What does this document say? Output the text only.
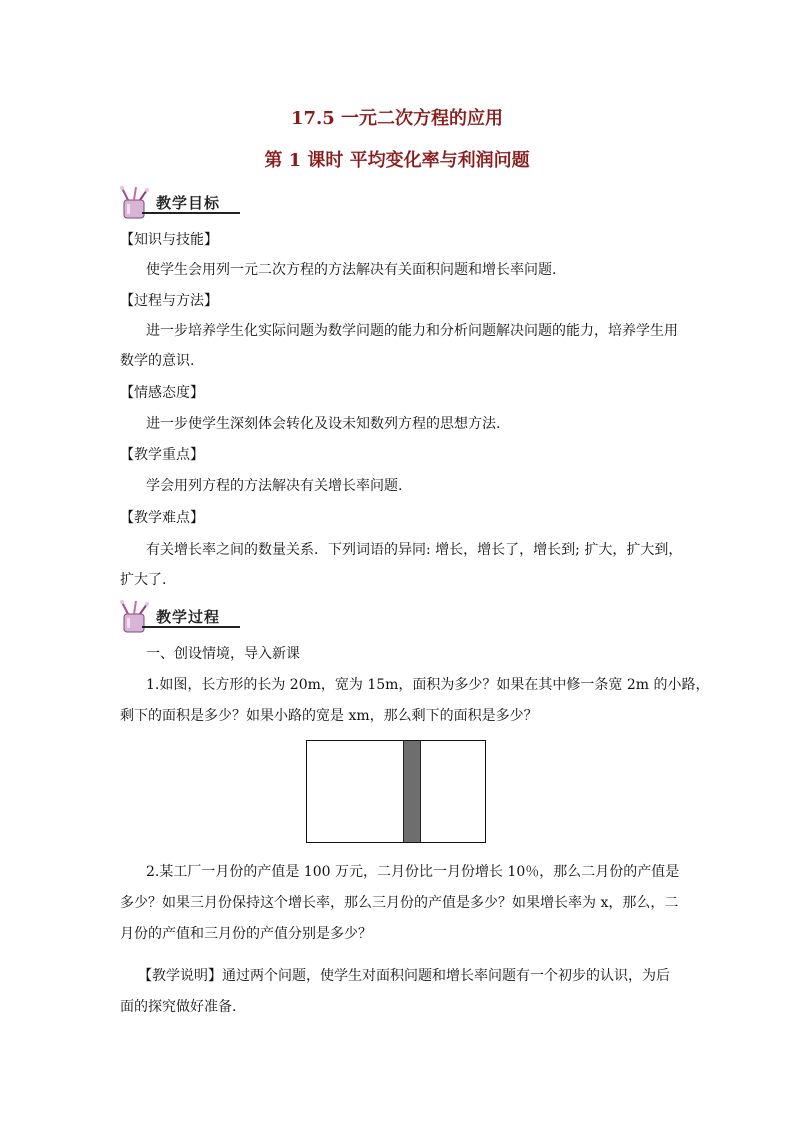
17.5 一元二次方程的应用
第 1 课时 平均变化率与利润问题
教学目标
【知识与技能】
使学生会用列一元二次方程的方法解决有关面积问题和增长率问题.
【过程与方法】
进一步培养学生化实际问题为数学问题的能力和分析问题解决问题的能力，培养学生用
数学的意识.
【情感态度】
进一步使学生深刻体会转化及设未知数列方程的思想方法.
【教学重点】
学会用列方程的方法解决有关增长率问题.
【教学难点】
有关增长率之间的数量关系．下列词语的异同: 增长，增长了，增长到; 扩大，扩大到，
扩大了.
教学过程
一、创设情境，导入新课
1.如图，长方形的长为 20m，宽为 15m，面积为多少？如果在其中修一条宽 2m 的小路，
剩下的面积是多少？如果小路的宽是 xm，那么剩下的面积是多少？
2.某工厂一月份的产值是 100 万元，二月份比一月份增长 10％，那么二月份的产值是
多少？如果三月份保持这个增长率，那么三月份的产值是多少？如果增长率为 x，那么，二
月份的产值和三月份的产值分别是多少？
【教学说明】通过两个问题，使学生对面积问题和增长率问题有一个初步的认识，为后
面的探究做好准备.
